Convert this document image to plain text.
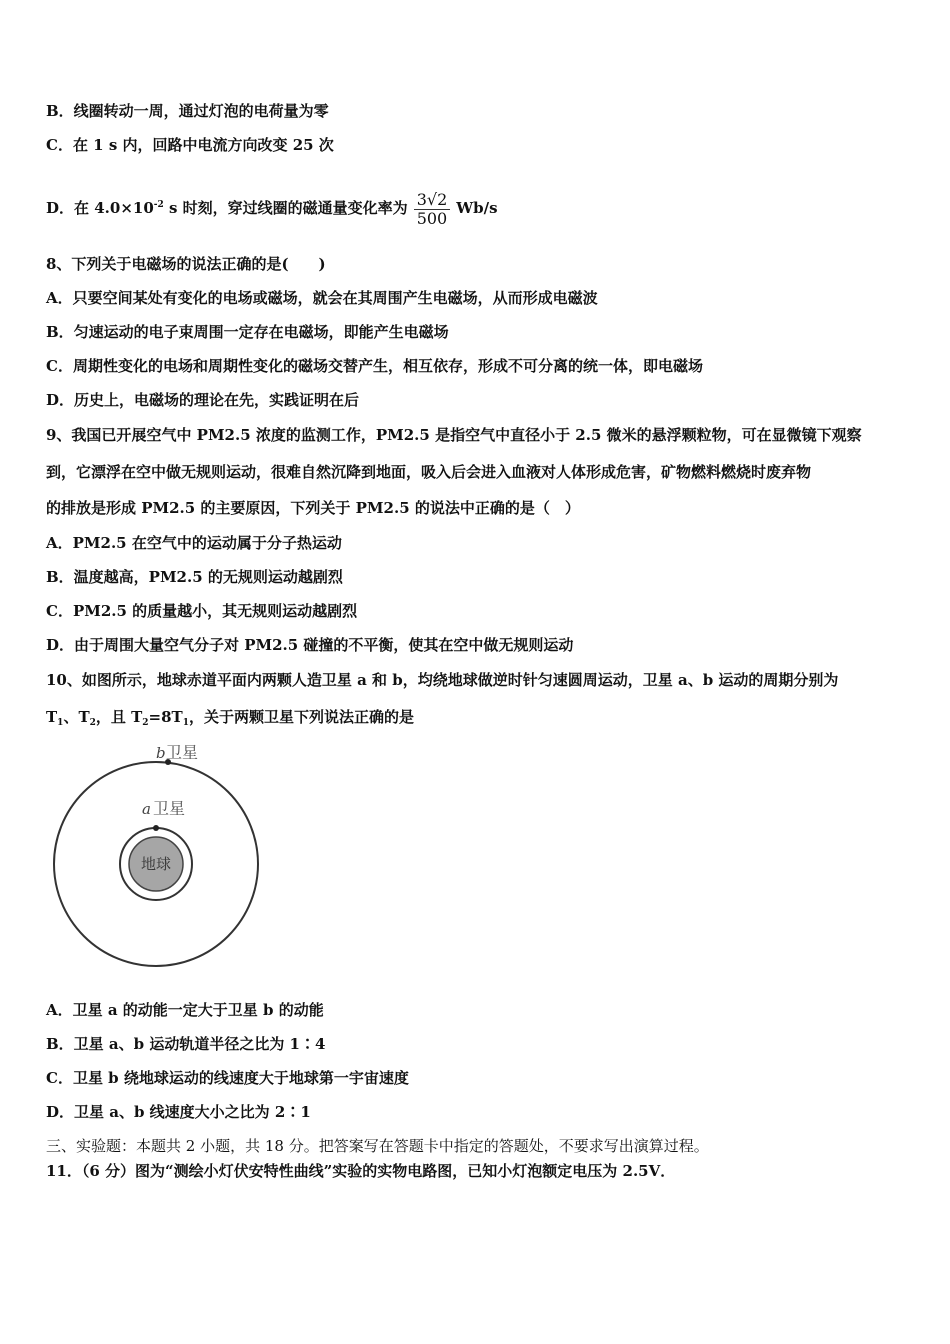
B．线圈转动一周，通过灯泡的电荷量为零
C．在 1 s 内，回路中电流方向改变 25 次
D．在 $4.0\times 10^{-2}$ s 时刻，穿过线圈的磁通量变化率为 $\frac{3√2}{500} Wb/s$
8、下列关于电磁场的说法正确的是(　　)
A．只要空间某处有变化的电场或磁场，就会在其周围产生电磁场，从而形成电磁波
B．匀速运动的电子束周围一定存在电磁场，即能产生电磁场
C．周期性变化的电场和周期性变化的磁场交替产生，相互依存，形成不可分离的统一体，即电磁场
D．历史上，电磁场的理论在先，实践证明在后
9、我国已开展空气中 PM2.5 浓度的监测工作，PM2.5 是指空气中直径小于 2.5 微米的悬浮颗粒物，可在显微镜下观察
到，它漂浮在空中做无规则运动，很难自然沉降到地面，吸入后会进入血液对人体形成危害，矿物燃料燃烧时废弃物
的排放是形成 PM2.5 的主要原因，下列关于 PM2.5 的说法中正确的是（　）
A．PM2.5 在空气中的运动属于分子热运动
B．温度越高，PM2.5 的无规则运动越剧烈
C．PM2.5 的质量越小，其无规则运动越剧烈
D．由于周围大量空气分子对 PM2.5 碰撞的不平衡，使其在空中做无规则运动
10、如图所示，地球赤道平面内两颗人造卫星 a 和 b，均绕地球做逆时针匀速圆周运动，卫星 a、b 运动的周期分别为
$T_1$、$T_2$，且 $T_2=8T_1$，关于两颗卫星下列说法正确的是
b 卫星
a 卫星
地球
A．卫星 a 的动能一定大于卫星 b 的动能
B．卫星 a、b 运动轨道半径之比为 1∶4
C．卫星 b 绕地球运动的线速度大于地球第一宇宙速度
D．卫星 a、b 线速度大小之比为 2∶1
三、实验题：本题共 2 小题，共 18 分。把答案写在答题卡中指定的答题处，不要求写出演算过程。
11．（6 分）图为“测绘小灯伏安特性曲线”实验的实物电路图，已知小灯泡额定电压为 2.5V．
